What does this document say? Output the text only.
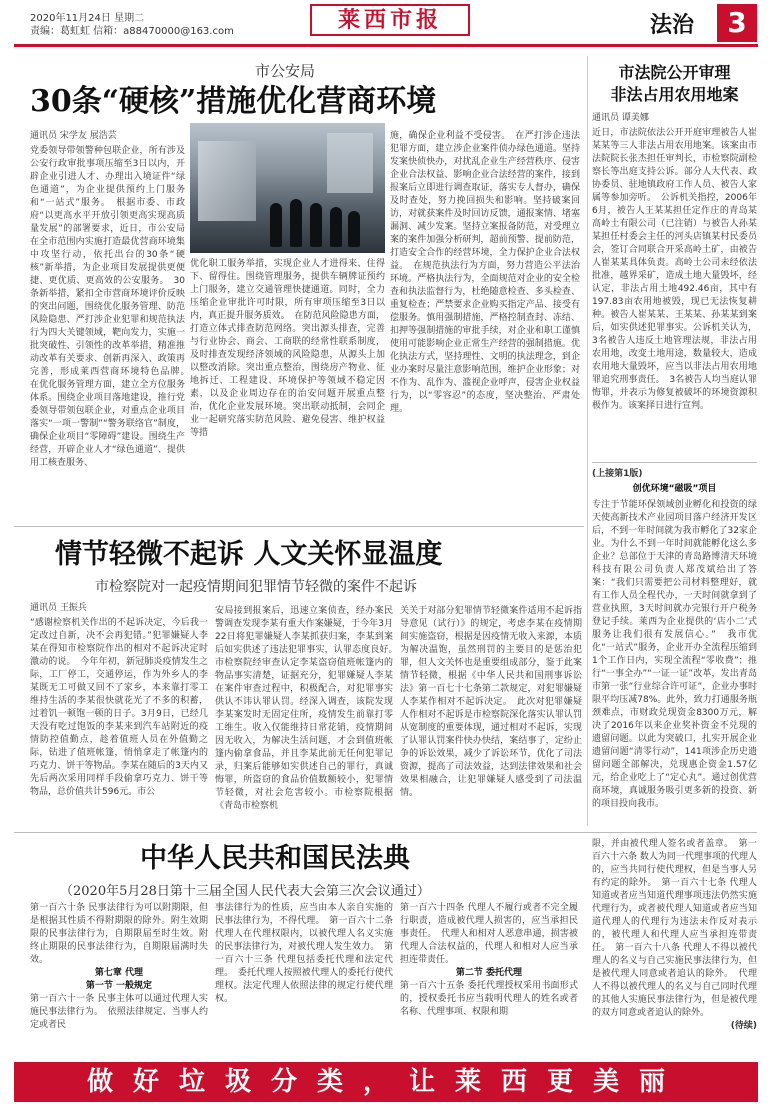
2020年11月24日 星期二
责编：葛虹虹 信箱：a88470000@163.com	莱西市报	法治	3
市公安局
30条“硬核”措施优化营商环境
通讯员 宋学友 展浩芸
党委领导带领警种包联企业，所有涉及公安行政审批事项压缩至3日以内，开辟企业引进人才、办理出入境证件“绿色通道”，为企业提供预约上门服务和“一站式”服务。　根据市委、市政府“以更高水平开放引领更高实现高质量发展”的部署要求，近日，市公安局在全市范围内实施打造最优营商环境集中攻坚行动，依托出台的30条“硬核”新举措，为企业项目发展提供更便捷、更优质、更高效的公安服务。　30条新举措，紧扣全市营商环境评价反映的突出问题，围绕优化服务管理、防范风险隐患、严打涉企业犯罪和规范执法行为四大关键领域，靶向发力，实施一批突破性、引领性的改革举措，精准推动改革有关要求、创新再深入、政策再完善，形成莱西营商环境特色品牌。　在优化服务管理方面，建立全方位服务体系。围绕企业项目落地建设，推行党委领导带领包联企业，对重点企业项目落实“一项一警制”“警务联络官”制度，确保企业项目“零障碍”建设。围绕生产经营，开辟企业人才“绿色通道”、提供用工核查服务、
优化职工服务举措，实现企业人才进得来、住得下、留得住。围绕管理服务，提供车辆牌证预约上门服务，建立交通管理快捷通道。同时，全力压缩企业审批许可时限，所有审项压缩至3日以内，真正提升服务质效。　在防范风险隐患方面，打造立体式排查防范网络。突出源头排查，完善与行业协会、商会、工商联的经常性联系制度，及时排查发现经济领域的风险隐患，从源头上加以整改消除。突出重点整治，围绕房产物业、征地拆迁、工程建设、环境保护等领域不稳定因素，以及企业周边存在的治安问题开展重点整治，优化企业发展环境。突出联动抵制，会同企业一起研究落实防范风险、避免侵害、维护权益等措
施，确保企业利益不受侵害。　在严打涉企违法犯罪方面，建立涉企业案件侦办绿色通道。坚持发案快侦快办，对扰乱企业生产经营秩序、侵害企业合法权益、影响企业合法经营的案件，接到报案后立即进行调查取证，落实专人督办，确保及时查处，努力挽回损失和影响。坚持破案回访，对就获案件及时回访反馈，通报案情、堵塞漏洞、减少发案。坚持立案报备防范，对受理立案的案件加强分析研判，超前预警、提前防范，打造安全合作的经营环境，全力保护企业合法权益。　在规范执法行为方面，努力营造公平法治环境。严格执法行为，全面规范对企业的安全检查和执法监督行为，杜绝随意检查、多头检查、重复检查；严禁要求企业购买指定产品、接受有偿服务。慎用强制措施，严格控制查封、冻结、扣押等强制措施的审批手续，对企业和职工谨慎使用可能影响企业正常生产经营的强制措施。优化执法方式，坚持理性、文明的执法理念，到企业办案时尽量注意影响范围，维护企业形象；对不作为、乱作为、滥视企业呼声，侵害企业权益行为，以“零容忍”的态度，坚决整治、严肃处理。
市法院公开审理
非法占用农用地案
通讯员 谭美娜
近日，市法院依法公开开庭审理被告人崔某某等三人非法占用农用地案。该案由市法院院长张杰担任审判长，市检察院副检察长等出庭支持公诉。部分人大代表、政协委员、驻地镇政府工作人员、被告人家属等参加旁听。　公诉机关指控，2006年6月，被告人王某某担任定作庄的青岛某高岭土有限公司（已注销）与被告人孙某某担任村委会主任的河头店镇某村民委员会，签订合同联合开采高岭土矿，由被告人崔某某具体负责。高岭土公司未经依法批准，越界采矿，造成土地大量毁坏，经认定，非法占用土地492.46亩，其中有197.83亩农用地被毁，现已无法恢复耕种。被告人崔某某、王某某、孙某某到案后，如实供述犯罪事实。公诉机关认为，3名被告人违反土地管理法规，非法占用农用地，改变土地用途，数量较大，造成农用地大量毁坏，应当以非法占用农用地罪追究刑事责任。　3名被告人均当庭认罪悔罪，并表示为修复被破坏的环境资源积极作为。该案择日进行宣判。
(上接第1版)
创优环境“磁吸”项目
专注于节能环保领域创业孵化和投资的绿天使高新技术产业园项目落户经济开发区后，不到一年时间就为我市孵化了32家企业。为什么不到一年时间就能孵化这么多企业？总部位于天津的青岛路博清天环境科技有限公司负责人郑茂斌给出了答案：“我们只需要把公司材料整理好，就有工作人员全程代办，一天时间就拿到了营业执照，3天时间就办完银行开户税务登记手续。莱西为企业提供的‘店小二’式服务让我们很有发展信心。”　我市优化“一站式”服务，企业开办全流程压缩到1个工作日内，实现全流程“零收费”；推行“一事全办”“一证一证”改革，发出青岛市第一张“行业综合许可证”，企业办事时限平均压减78%。此外，致力打通服务瓶颈难点，市财政兑现资金8300万元，解决了2016年以来企业奖补资金不兑现的遗留问题。以此为突破口，扎实开展企业遗留问题“清零行动”，141项涉企历史遗留问题全部解决，兑现惠企资金1.57亿元，给企业吃上了“定心丸”。通过创优营商环境，真诚服务吸引更多新的投资、新的项目投向我市。
情节轻微不起诉 人文关怀显温度
市检察院对一起疫情期间犯罪情节轻微的案件不起诉
通讯员 王振兵
“感谢检察机关作出的不起诉决定，今后我一定改过自新，决不会再犯错。”犯罪嫌疑人李某在得知市检察院作出的相对不起诉决定时激动的说。　今年年初，新冠肺炎疫情发生之际，工厂停工，交通停运，作为外乡人的李某既无工可做又回不了家乡，本来靠打零工维持生活的李某很快就花光了不多的积蓄，过着饥一顿饱一顿的日子。3月9日，已经几天没有吃过饱饭的李某来到汽车站附近的疫情防控值勤点，趁着值班人员在外值勤之际，钻进了值班帐篷，悄悄拿走了帐篷内的巧克力、饼干等物品。李某在随后的3天内又先后两次采用同样手段偷拿巧克力、饼干等物品，总价值共计596元。市公
安局接到报案后，迅速立案侦查，经办案民警调查发现李某有重大作案嫌疑，于今年3月22日将犯罪嫌疑人李某抓获归案，李某到案后如实供述了违法犯罪事实，认罪态度良好。　市检察院经审查认定李某盗窃值班帐篷内的物品事实清楚，证据充分，犯罪嫌疑人李某在案件审查过程中，积极配合，对犯罪事实供认不讳认罪认罚。经深入调查，该院发现李某案发时无固定住所，疫情发生前靠打零工维生。收入仅能维持日常花销，疫情期间因无收入，为解决生活问题，才会到值班帐篷内偷拿食品，并且李某此前无任何犯罪记录，归案后能够如实供述自己的罪行，真诚悔罪，所盗窃的食品价值数额较小，犯罪情节轻微，对社会危害较小。市检察院根据《青岛市检察机
关关于对部分犯罪情节轻微案件适用不起诉指导意见（试行）》的规定，考虑李某在疫情期间实施盗窃，根据是因疫情无收入来源，本质为解决温饱，虽然刑罚的主要目的是惩治犯罪，但人文关怀也是重要组成部分，鉴于此案情节轻微，根据《中华人民共和国刑事诉讼法》第一百七十七条第二款规定，对犯罪嫌疑人李某作相对不起诉决定。　此次对犯罪嫌疑人作相对不起诉是市检察院深化落实认罪认罚从宽制度的重要体现，通过相对不起诉，实现了认罪认罚案件快办快结，案结事了，定纷止争的诉讼效果，减少了诉讼环节，优化了司法资源，提高了司法效益，达到法律效果和社会效果相融合，让犯罪嫌疑人感受到了司法温情。
中华人民共和国民法典
（2020年5月28日第十三届全国人民代表大会第三次会议通过）
第一百六十条 民事法律行为可以附期限，但是根据其性质不得附期限的除外。附生效期限的民事法律行为，自期限届至时生效。附终止期限的民事法律行为，自期限届满时失效。
第七章 代理
第一节 一般规定
第一百六十一条 民事主体可以通过代理人实施民事法律行为。　依照法律规定、当事人约定或者民
事法律行为的性质，应当由本人亲自实施的民事法律行为，不得代理。　第一百六十二条 代理人在代理权限内，以被代理人名义实施的民事法律行为，对被代理人发生效力。　第一百六十三条 代理包括委托代理和法定代理。　委托代理人按照被代理人的委托行使代理权。法定代理人依照法律的规定行使代理权。
第一百六十四条 代理人不履行或者不完全履行职责，造成被代理人损害的，应当承担民事责任。　代理人和相对人恶意串通，损害被代理人合法权益的，代理人和相对人应当承担连带责任。
第二节 委托代理
第一百六十五条 委托代理授权采用书面形式的，授权委托书应当载明代理人的姓名或者名称、代理事项、权限和期
限，并由被代理人签名或者盖章。　第一百六十六条 数人为同一代理事项的代理人的，应当共同行使代理权，但是当事人另有约定的除外。　第一百六十七条 代理人知道或者应当知道代理事项违法仍然实施代理行为，或者被代理人知道或者应当知道代理人的代理行为违法未作反对表示的，被代理人和代理人应当承担连带责任。　第一百六十八条 代理人不得以被代理人的名义与自己实施民事法律行为，但是被代理人同意或者追认的除外。　代理人不得以被代理人的名义与自己同时代理的其他人实施民事法律行为，但是被代理的双方同意或者追认的除外。
(待续)
做好垃圾分类，让莱西更美丽
